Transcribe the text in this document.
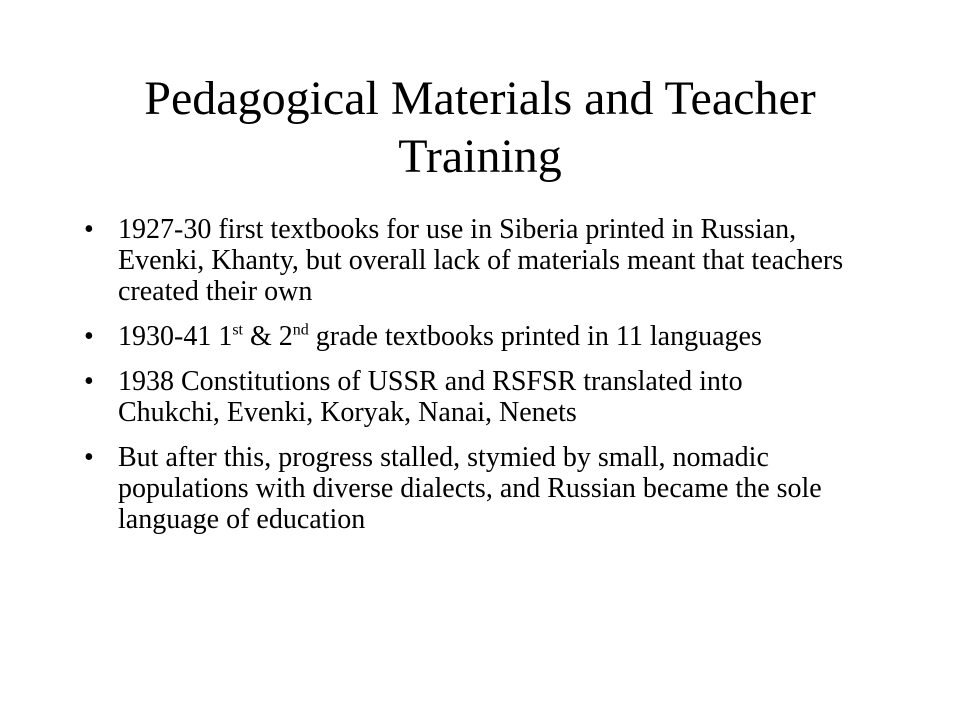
Pedagogical Materials and Teacher Training
• 1927-30 first textbooks for use in Siberia printed in Russian, Evenki, Khanty, but overall lack of materials meant that teachers created their own
• 1930-41 1st & 2nd grade textbooks printed in 11 languages
• 1938 Constitutions of USSR and RSFSR translated into Chukchi, Evenki, Koryak, Nanai, Nenets
• But after this, progress stalled, stymied by small, nomadic populations with diverse dialects, and Russian became the sole language of education
